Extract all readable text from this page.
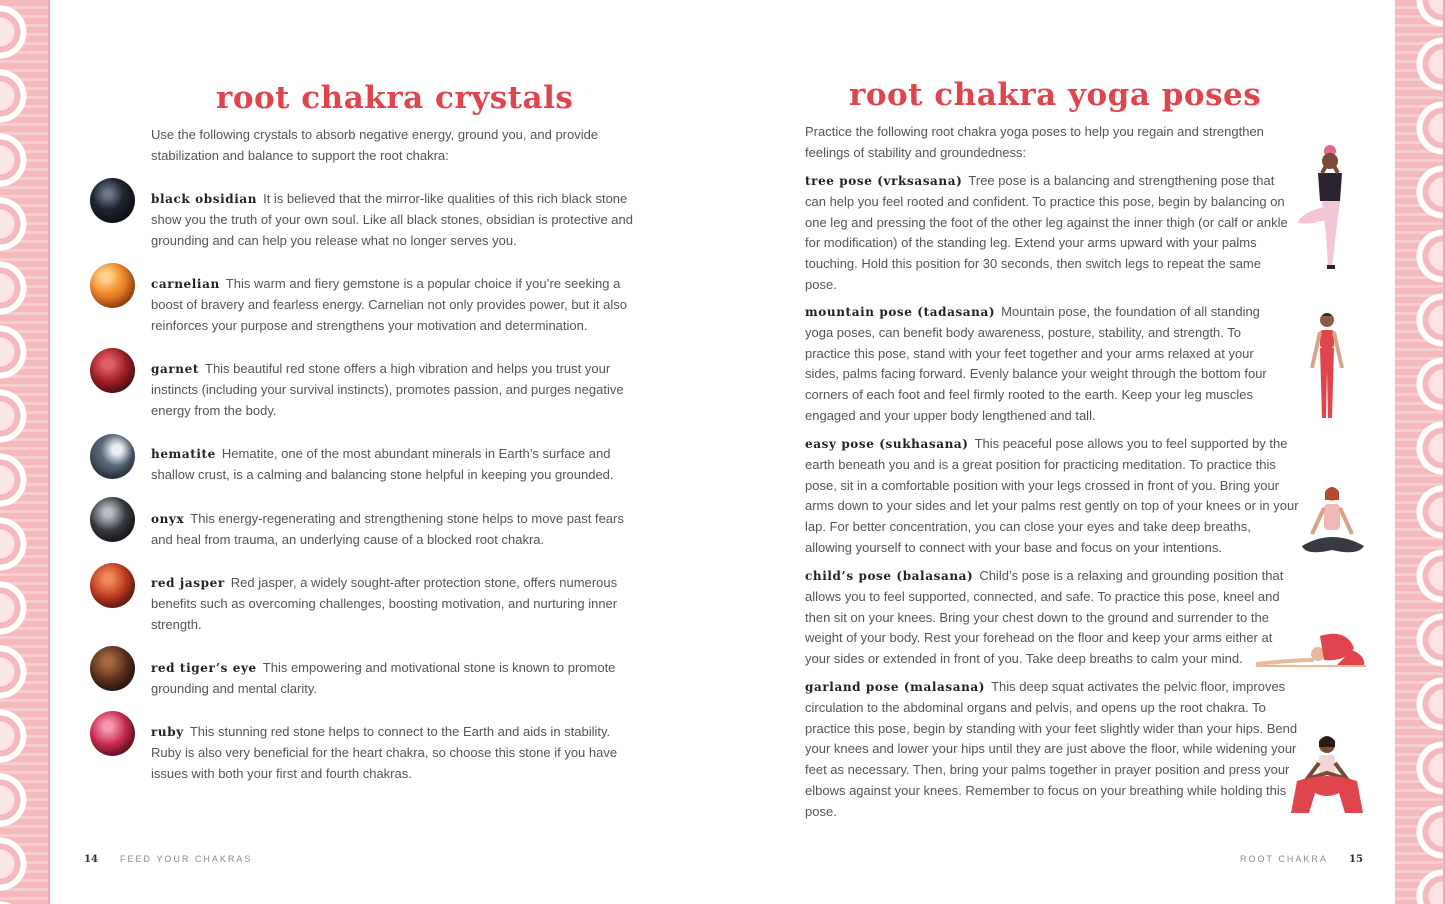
root chakra crystals

Use the following crystals to absorb negative energy, ground you, and provide stabilization and balance to support the root chakra:

black obsidian It is believed that the mirror-like qualities of this rich black stone show you the truth of your own soul. Like all black stones, obsidian is protective and grounding and can help you release what no longer serves you.

carnelian This warm and fiery gemstone is a popular choice if you’re seeking a boost of bravery and fearless energy. Carnelian not only provides power, but it also reinforces your purpose and strengthens your motivation and determination.

garnet This beautiful red stone offers a high vibration and helps you trust your instincts (including your survival instincts), promotes passion, and purges negative energy from the body.

hematite Hematite, one of the most abundant minerals in Earth’s surface and shallow crust, is a calming and balancing stone helpful in keeping you grounded.

onyx This energy-regenerating and strengthening stone helps to move past fears and heal from trauma, an underlying cause of a blocked root chakra.

red jasper Red jasper, a widely sought-after protection stone, offers numerous benefits such as overcoming challenges, boosting motivation, and nurturing inner strength.

red tiger’s eye This empowering and motivational stone is known to promote grounding and mental clarity.

ruby This stunning red stone helps to connect to the Earth and aids in stability. Ruby is also very beneficial for the heart chakra, so choose this stone if you have issues with both your first and fourth chakras.

14 FEED YOUR CHAKRAS
root chakra yoga poses

Practice the following root chakra yoga poses to help you regain and strengthen feelings of stability and groundedness:

tree pose (vrksasana) Tree pose is a balancing and strengthening pose that can help you feel rooted and confident. To practice this pose, begin by balancing on one leg and pressing the foot of the other leg against the inner thigh (or calf or ankle for modification) of the standing leg. Extend your arms upward with your palms touching. Hold this position for 30 seconds, then switch legs to repeat the same pose.

mountain pose (tadasana) Mountain pose, the foundation of all standing yoga poses, can benefit body awareness, posture, stability, and strength. To practice this pose, stand with your feet together and your arms relaxed at your sides, palms facing forward. Evenly balance your weight through the bottom four corners of each foot and feel firmly rooted to the earth. Keep your leg muscles engaged and your upper body lengthened and tall.

easy pose (sukhasana) This peaceful pose allows you to feel supported by the earth beneath you and is a great position for practicing meditation. To practice this pose, sit in a comfortable position with your legs crossed in front of you. Bring your arms down to your sides and let your palms rest gently on top of your knees or in your lap. For better concentration, you can close your eyes and take deep breaths, allowing yourself to connect with your base and focus on your intentions.

child’s pose (balasana) Child’s pose is a relaxing and grounding position that allows you to feel supported, connected, and safe. To practice this pose, kneel and then sit on your knees. Bring your chest down to the ground and surrender to the weight of your body. Rest your forehead on the floor and keep your arms either at your sides or extended in front of you. Take deep breaths to calm your mind.

garland pose (malasana) This deep squat activates the pelvic floor, improves circulation to the abdominal organs and pelvis, and opens up the root chakra. To practice this pose, begin by standing with your feet slightly wider than your hips. Bend your knees and lower your hips until they are just above the floor, while widening your feet as necessary. Then, bring your palms together in prayer position and press your elbows against your knees. Remember to focus on your breathing while holding this pose.

ROOT CHAKRA 15
